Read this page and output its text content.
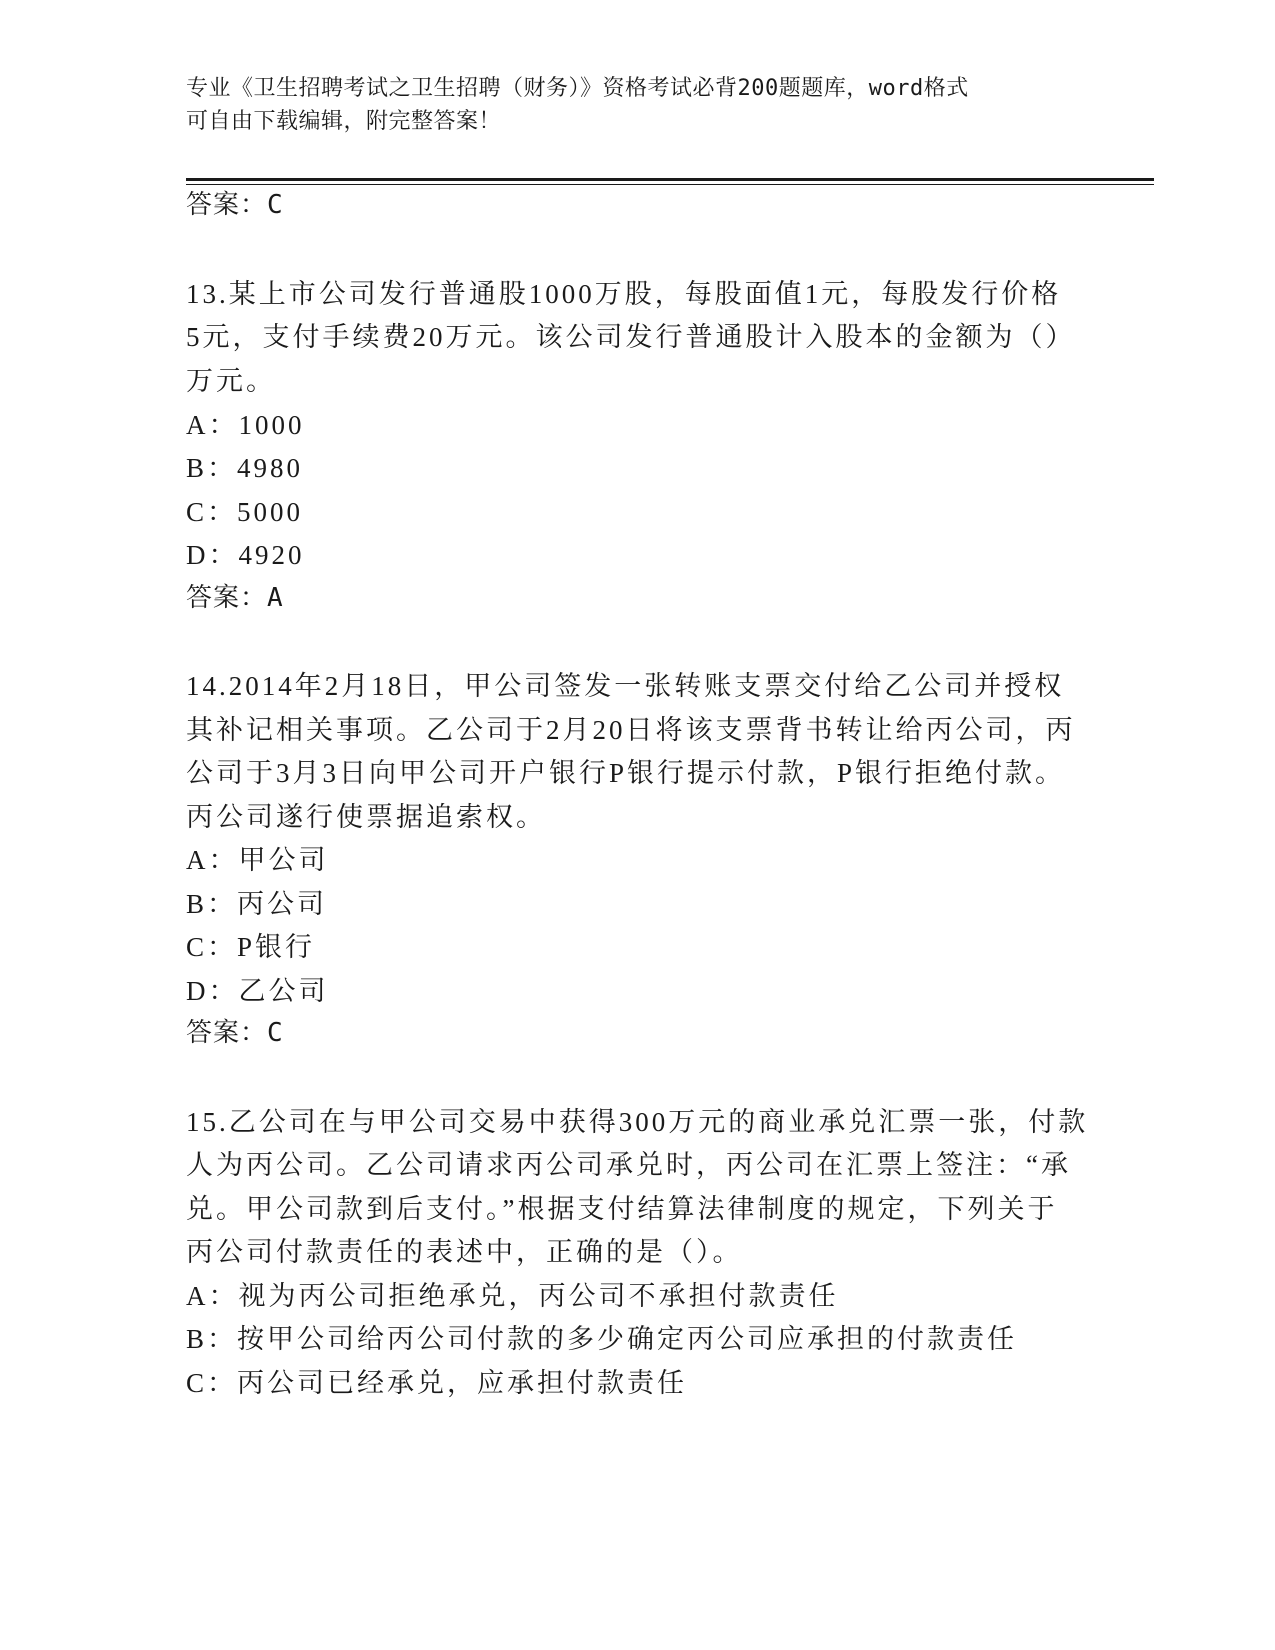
专业《卫生招聘考试之卫生招聘（财务）》资格考试必背200题题库，word格式
可自由下载编辑，附完整答案！
答案：C
13.某上市公司发行普通股1000万股，每股面值1元，每股发行价格
5元，支付手续费20万元。该公司发行普通股计入股本的金额为（）
万元。
A：1000
B：4980
C：5000
D：4920
答案：A
14.2014年2月18日，甲公司签发一张转账支票交付给乙公司并授权
其补记相关事项。乙公司于2月20日将该支票背书转让给丙公司，丙
公司于3月3日向甲公司开户银行P银行提示付款，P银行拒绝付款。
丙公司遂行使票据追索权。
A：甲公司
B：丙公司
C：P银行
D：乙公司
答案：C
15.乙公司在与甲公司交易中获得300万元的商业承兑汇票一张，付款
人为丙公司。乙公司请求丙公司承兑时，丙公司在汇票上签注：“承
兑。甲公司款到后支付。”根据支付结算法律制度的规定，下列关于
丙公司付款责任的表述中，正确的是（）。
A：视为丙公司拒绝承兑，丙公司不承担付款责任
B：按甲公司给丙公司付款的多少确定丙公司应承担的付款责任
C：丙公司已经承兑，应承担付款责任
